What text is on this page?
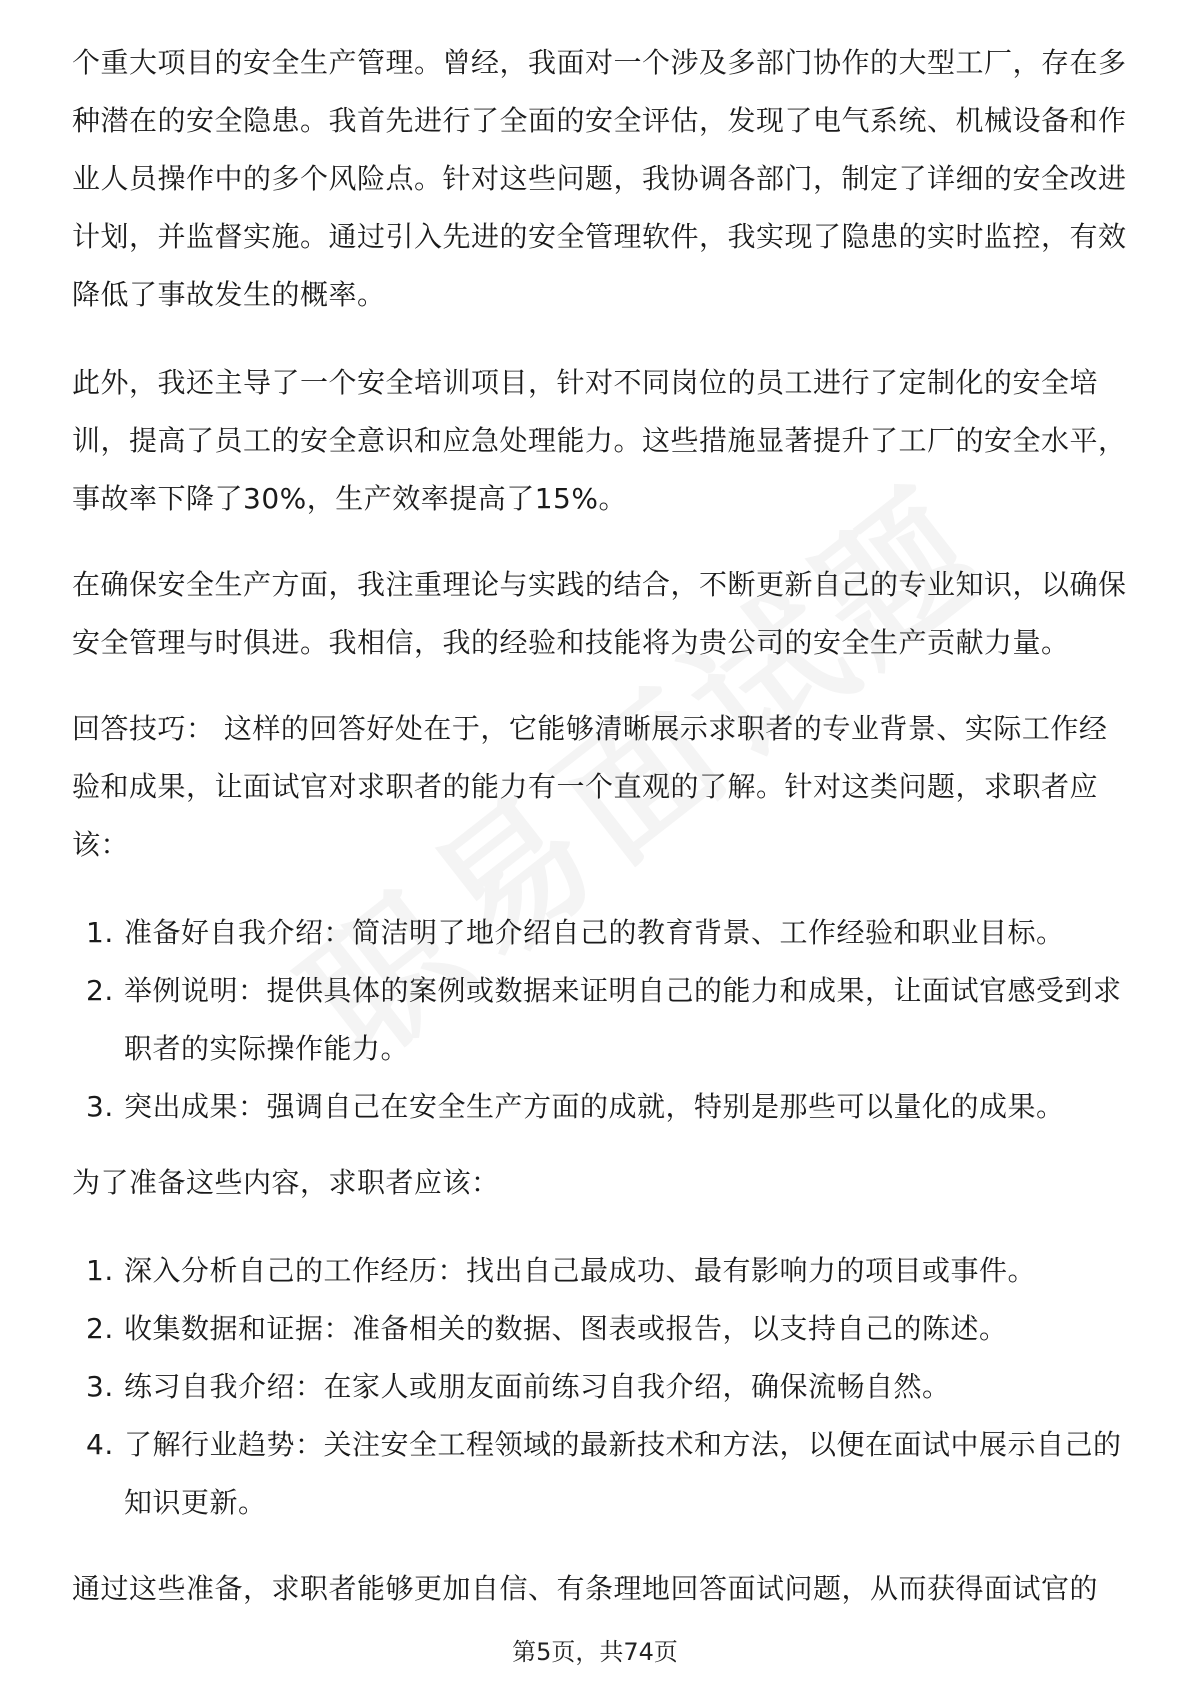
个重大项目的安全生产管理。曾经，我面对一个涉及多部门协作的大型工厂，存在多种潜在的安全隐患。我首先进行了全面的安全评估，发现了电气系统、机械设备和作业人员操作中的多个风险点。针对这些问题，我协调各部门，制定了详细的安全改进计划，并监督实施。通过引入先进的安全管理软件，我实现了隐患的实时监控，有效降低了事故发生的概率。

此外，我还主导了一个安全培训项目，针对不同岗位的员工进行了定制化的安全培训，提高了员工的安全意识和应急处理能力。这些措施显著提升了工厂的安全水平，事故率下降了30%，生产效率提高了15%。

在确保安全生产方面，我注重理论与实践的结合，不断更新自己的专业知识，以确保安全管理与时俱进。我相信，我的经验和技能将为贵公司的安全生产贡献力量。

回答技巧： 这样的回答好处在于，它能够清晰展示求职者的专业背景、实际工作经验和成果，让面试官对求职者的能力有一个直观的了解。针对这类问题，求职者应该：

1. 准备好自我介绍：简洁明了地介绍自己的教育背景、工作经验和职业目标。
2. 举例说明：提供具体的案例或数据来证明自己的能力和成果，让面试官感受到求职者的实际操作能力。
3. 突出成果：强调自己在安全生产方面的成就，特别是那些可以量化的成果。

为了准备这些内容，求职者应该：

1. 深入分析自己的工作经历：找出自己最成功、最有影响力的项目或事件。
2. 收集数据和证据：准备相关的数据、图表或报告，以支持自己的陈述。
3. 练习自我介绍：在家人或朋友面前练习自我介绍，确保流畅自然。
4. 了解行业趋势：关注安全工程领域的最新技术和方法，以便在面试中展示自己的知识更新。

通过这些准备，求职者能够更加自信、有条理地回答面试问题，从而获得面试官的

第5页，共74页
